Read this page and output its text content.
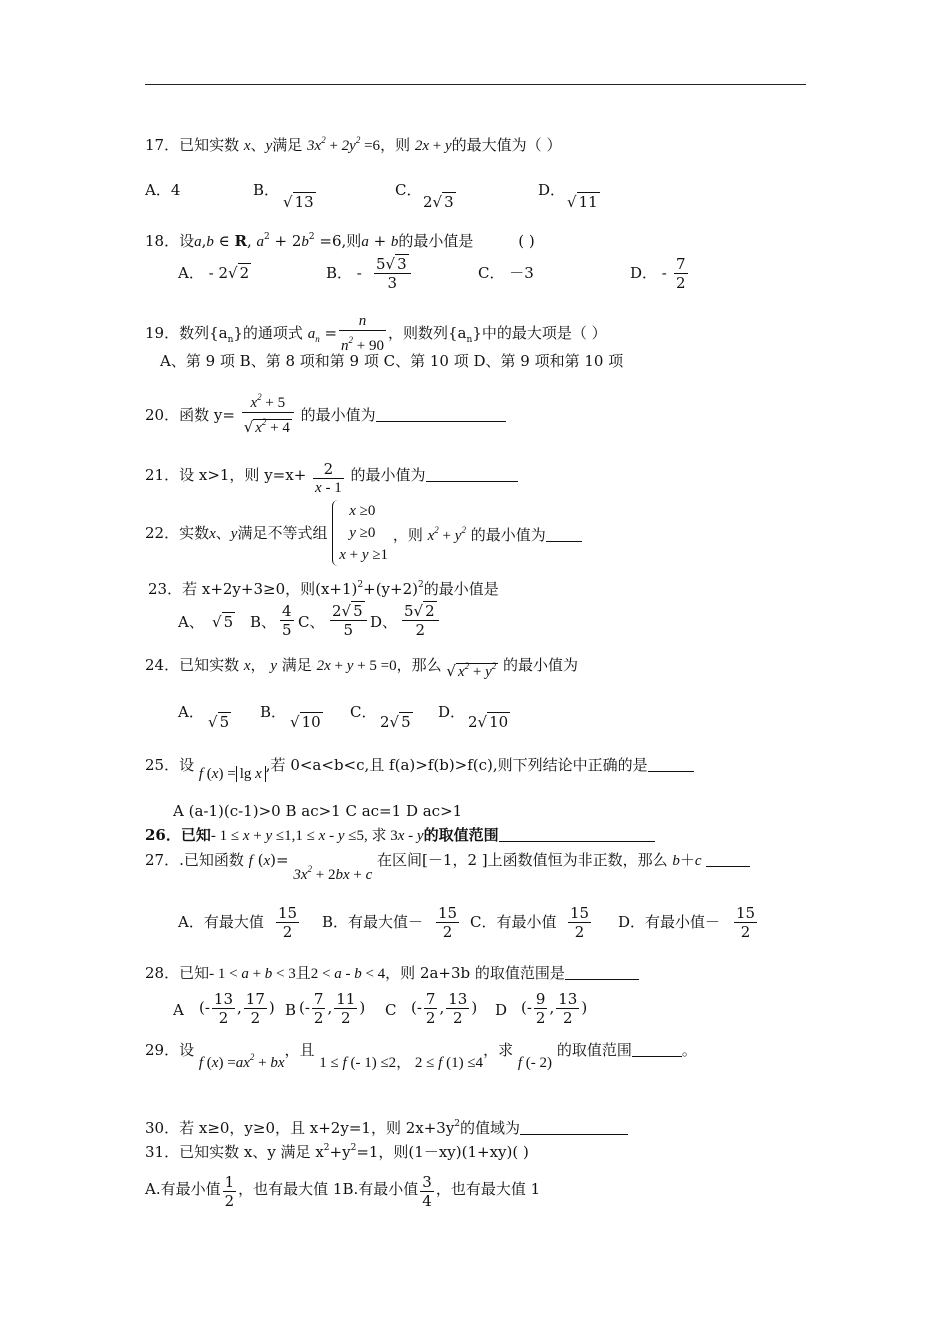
17．已知实数 x、y满足 $3x^2 + 2y^2 =6$，则 2x + y的最大值为（ ）
A．4	B．
√ 13
C．
2√ 3
D．
√ 11
18．设a,b ∈ R, $a^2 + 2b^2 =6$,则a + b的最小值是	( )
A． - 2√ 2	B． - $\frac{5√ 3}{3}$	C． －3	D． - $\frac{7}{2}$
19．数列$\{a_n\}$的通项式 $a_n = \frac{n}{n^2 + 90}$ ，则数列$\{a_n\}$中的最大项是（ ）
A、第 9 项 B、第 8 项和第 9 项 C、第 10 项 D、第 9 项和第 10 项
20．函数 $y= \frac{x^2 + 5}{√ x^2 + 4}$ 的最小值为
21．设 x>1，则 $y=x+ \frac{2}{x - 1}$ 的最小值为
22．实数x、y满足不等式组 x ≥0
y ≥0
x + y ≥1 ，则 $x^2 + y^2$ 的最小值为
23．若 x+2y+3≥0，则$(x+1)^2+(y+2)^2$的最小值是
A、 √ 5 B、 $\frac{4}{5}$ C、 $\frac{2√ 5}{5}$ D、 $\frac{5√ 2}{2}$
24．已知实数 x， y 满足 2x + y + 5 =0，那么 √ $x^2 + y^2$ 的最小值为
A．
√ 5
B．
√ 10
C．
2√ 5
D．
2√ 10
25．设 f (x) = lg x ,若 0<a<b<c,且 f(a)>f(b)>f(c),则下列结论中正确的是
A (a-1)(c-1)>0 B ac>1 C ac=1 D ac>1
26．已知- 1 ≤ x + y ≤1,1 ≤ x - y ≤5, 求 3x - y的取值范围
27．.已知函数 f $(x)= 3x^2 + 2bx + c$ 在区间[－1，2 ]上函数值恒为非正数，那么 b＋c
A．有最大值 $\frac{15}{2}$ B．有最大值－ $\frac{15}{2}$ C．有最小值 $\frac{15}{2}$ D．有最小值－ $\frac{15}{2}$
28．已知- 1 < a + b < 3且2 < a - b < 4，则 2a+3b 的取值范围是
A (- $\frac{13}{2}$ , $\frac{17}{2}$ ) B (- $\frac{7}{2}$ , $\frac{11}{2}$ ) C (- $\frac{7}{2}$ , $\frac{13}{2}$ ) D (- $\frac{9}{2}$ , $\frac{13}{2}$ )
29．设 f $(x) =ax^2$ + bx，且 1 ≤ f (- 1) ≤2， 2 ≤ f (1) ≤4，求 f (- 2) 的取值范围	。
30．若 x≥0，y≥0，且 x+2y=1，则 $2x+3y^2$的值域为
31．已知实数 x、y 满足 $x^2+y^2=1$，则(1－xy)(1+xy)( )
A.有最小值 $\frac{1}{2}$ ，也有最大值 1B.有最小值 $\frac{3}{4}$ ，也有最大值 1
